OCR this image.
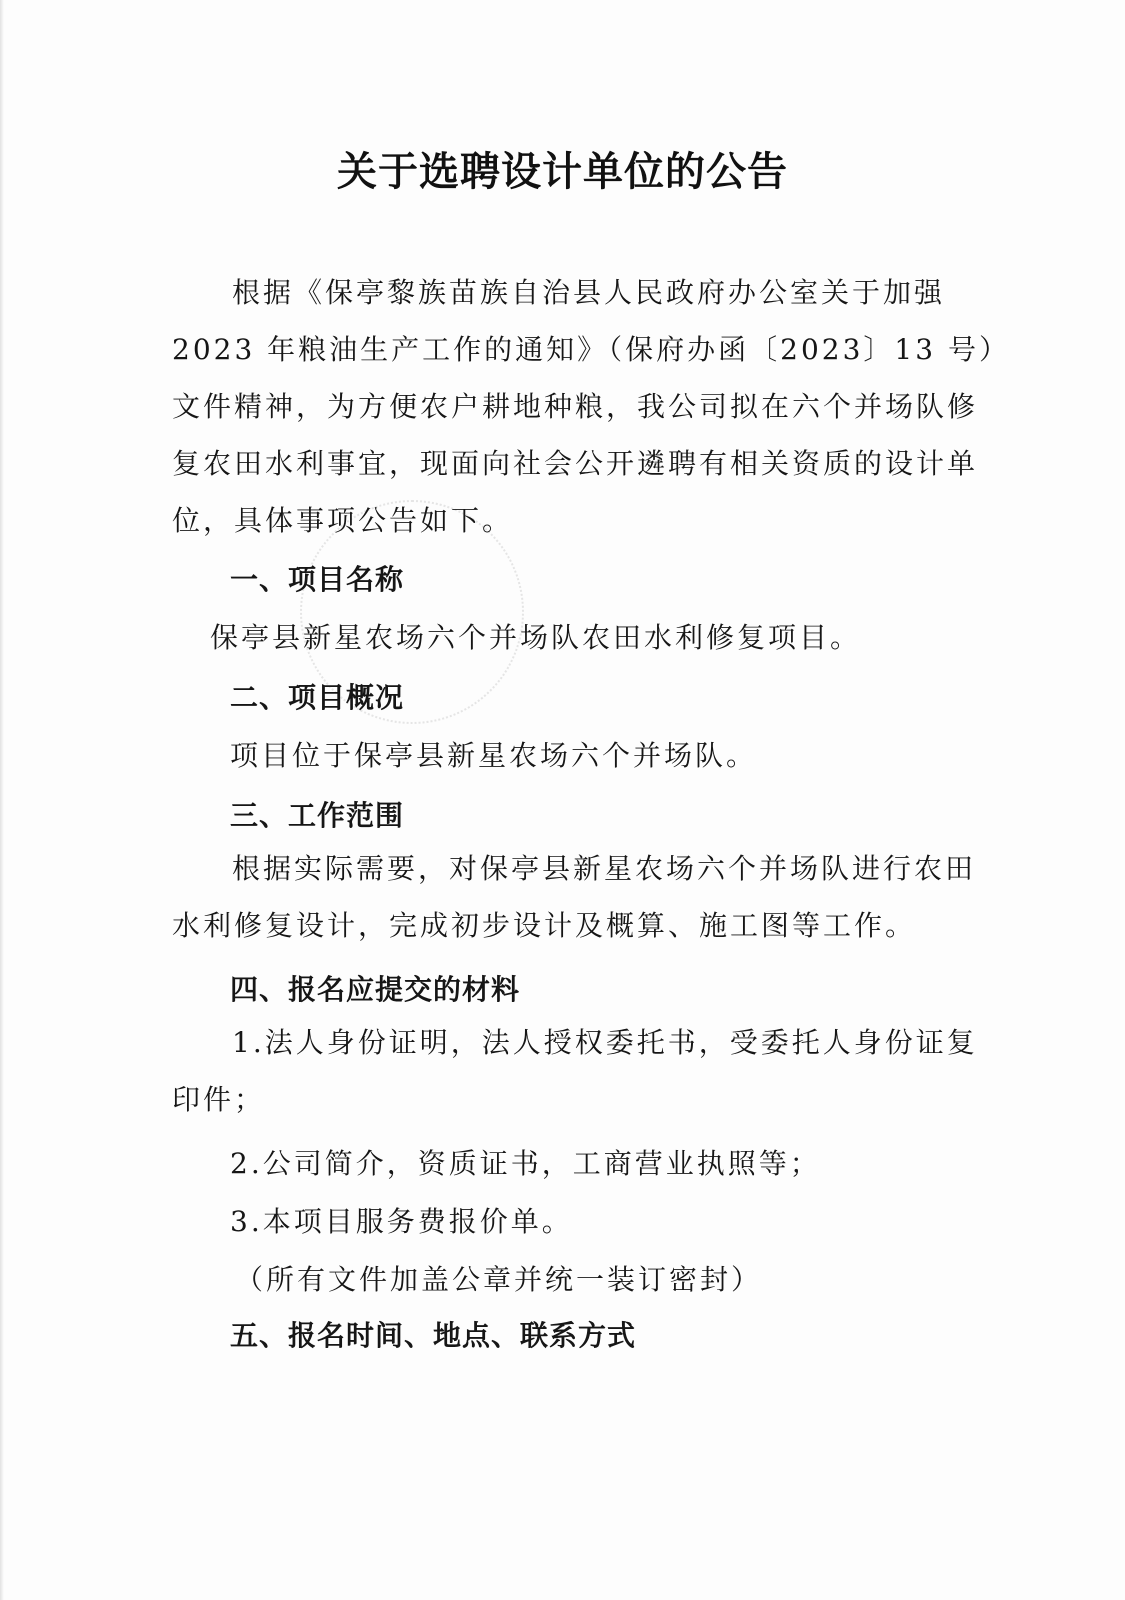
关于选聘设计单位的公告
根据《保亭黎族苗族自治县人民政府办公室关于加强
2023 年粮油生产工作的通知》（保府办函〔2023〕13 号）
文件精神，为方便农户耕地种粮，我公司拟在六个并场队修
复农田水利事宜，现面向社会公开遴聘有相关资质的设计单
位，具体事项公告如下。
一、项目名称

保亭县新星农场六个并场队农田水利修复项目。

二、项目概况

项目位于保亭县新星农场六个并场队。

三、工作范围
根据实际需要，对保亭县新星农场六个并场队进行农田
水利修复设计，完成初步设计及概算、施工图等工作。
四、报名应提交的材料
1.法人身份证明，法人授权委托书，受委托人身份证复
印件；

2.公司简介，资质证书，工商营业执照等；

3.本项目服务费报价单。

（所有文件加盖公章并统一装订密封）

五、报名时间、地点、联系方式
